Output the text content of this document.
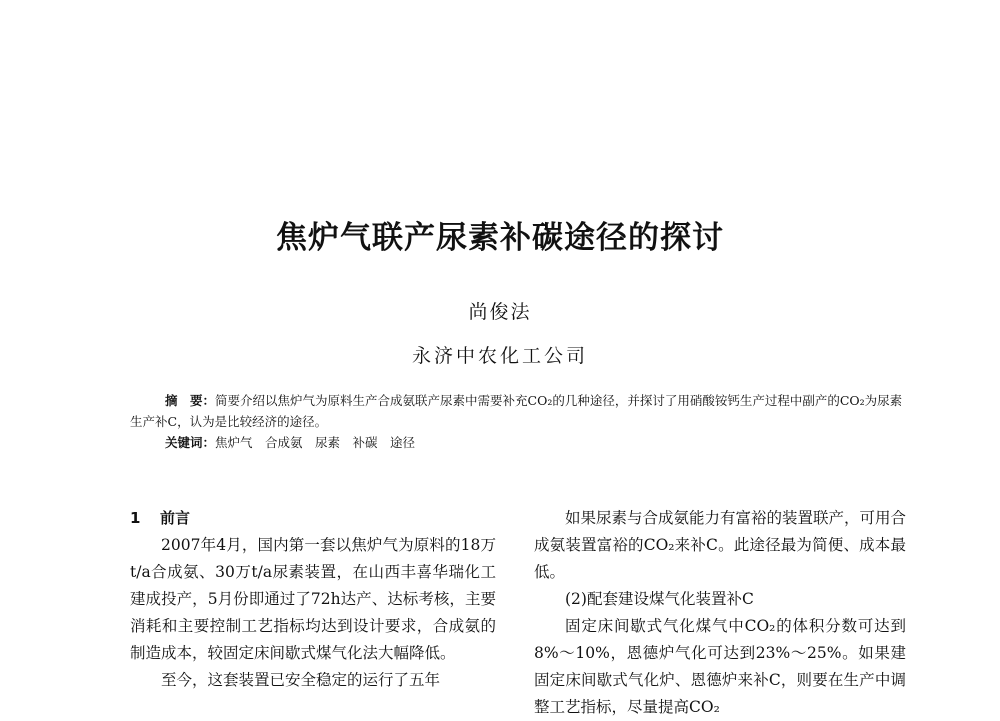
焦炉气联产尿素补碳途径的探讨
尚俊法
永济中农化工公司

摘　要：简要介绍以焦炉气为原料生产合成氨联产尿素中需要补充CO₂的几种途径，并探讨了用硝酸铵钙生产过程中副产的CO₂为尿素生产补C，认为是比较经济的途径。

关键词：焦炉气　合成氨　尿素　补碳　途径

1 前言

2007年4月，国内第一套以焦炉气为原料的18万t/a合成氨、30万t/a尿素装置，在山西丰喜华瑞化工建成投产，5月份即通过了72h达产、达标考核，主要消耗和主要控制工艺指标均达到设计要求，合成氨的制造成本，较固定床间歇式煤气化法大幅降低。

至今，这套装置已安全稳定的运行了五年

如果尿素与合成氨能力有富裕的装置联产，可用合成氨装置富裕的CO₂来补C。此途径最为简便、成本最低。

(2)配套建设煤气化装置补C

固定床间歇式气化煤气中CO₂的体积分数可达到8%～10%，恩德炉气化可达到23%～25%。如果建固定床间歇式气化炉、恩德炉来补C，则要在生产中调整工艺指标，尽量提高CO₂
